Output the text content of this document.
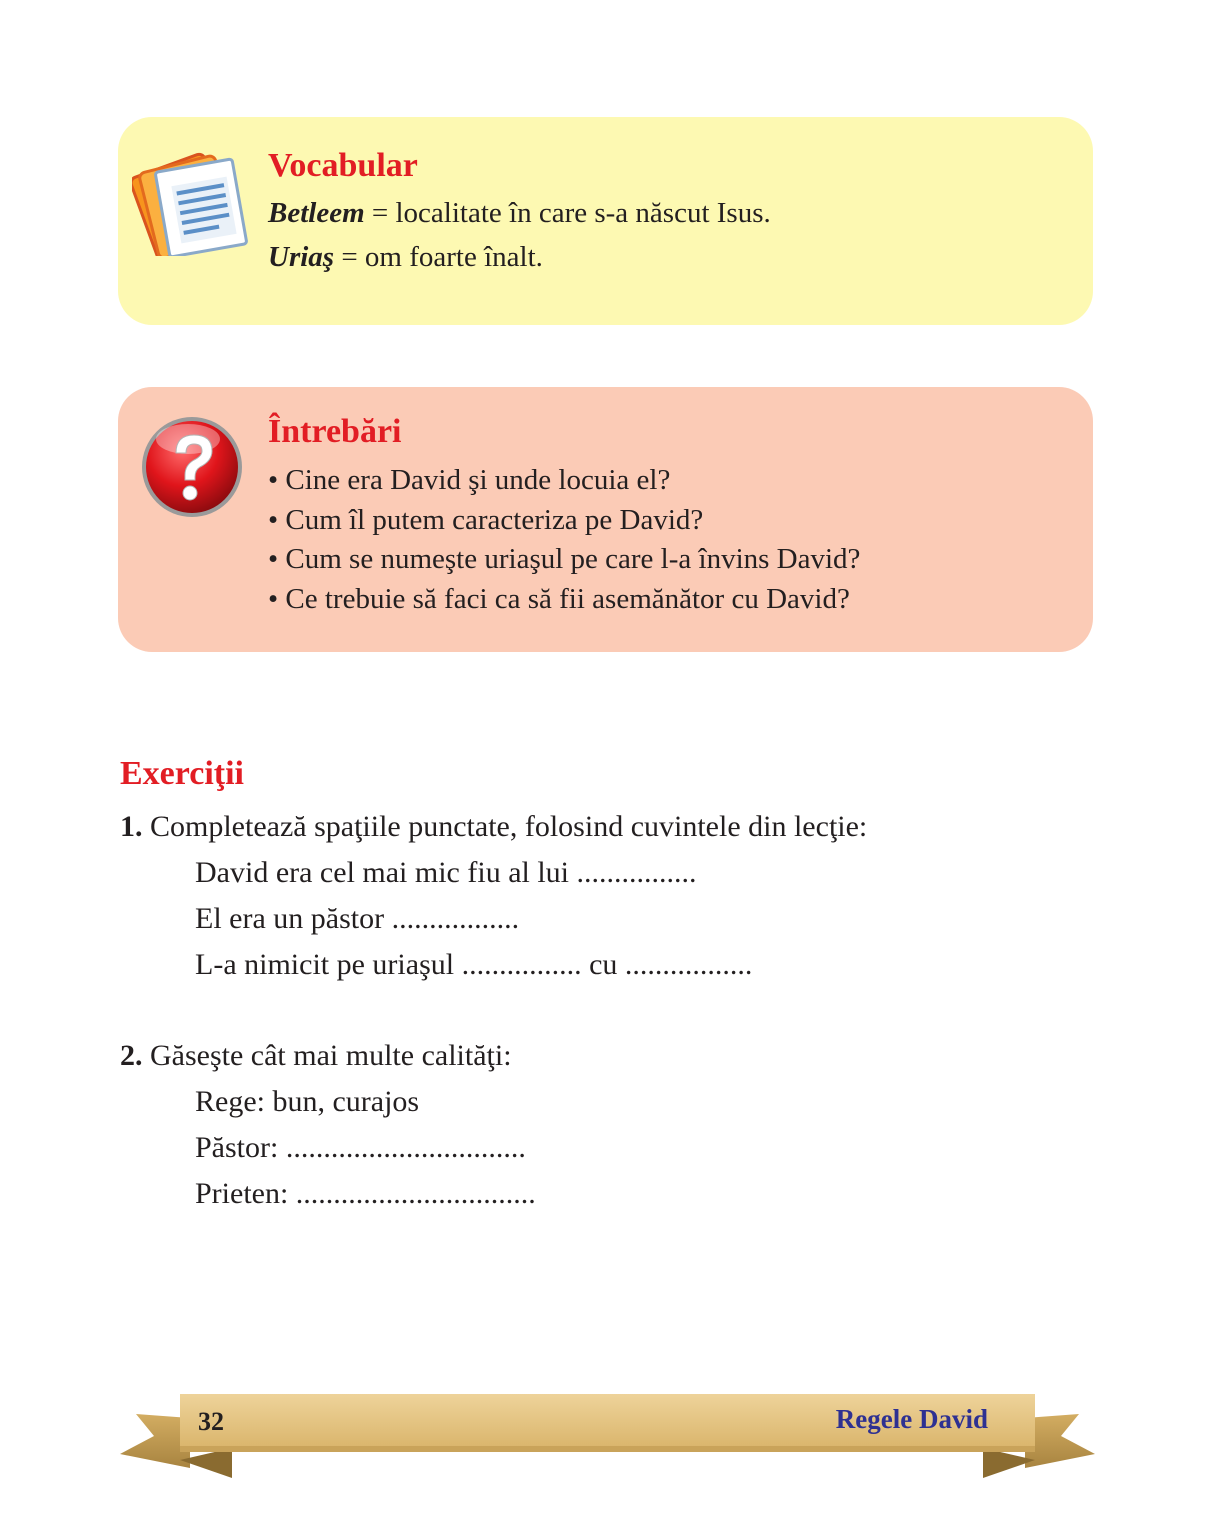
Vocabular
Betleem = localitate în care s-a născut Isus.
Uriaş = om foarte înalt.
Întrebări
• Cine era David şi unde locuia el?
• Cum îl putem caracteriza pe David?
• Cum se numeşte uriaşul pe care l-a învins David?
• Ce trebuie să faci ca să fii asemănător cu David?
Exerciţii
1. Completează spaţiile punctate, folosind cuvintele din lecţie:
David era cel mai mic fiu al lui ................
El era un păstor .................
L-a nimicit pe uriaşul ................ cu .................
2. Găseşte cât mai multe calităţi:
Rege: bun, curajos
Păstor: ................................
Prieten: ................................
32	Regele David
